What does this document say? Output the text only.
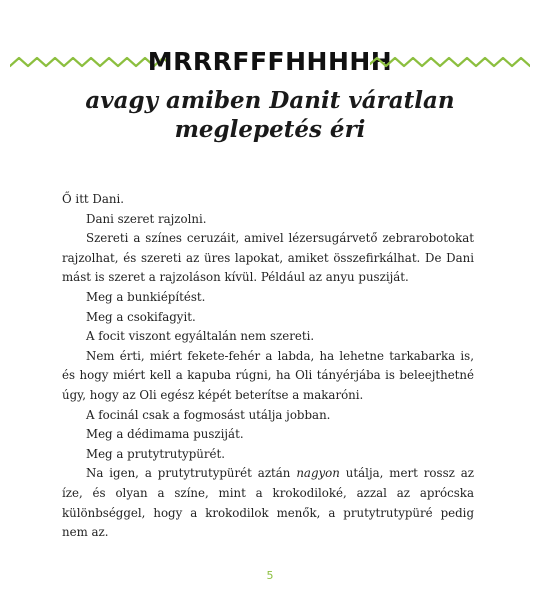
MRRRFFFHHHHH
avagy amiben Danit váratlan
meglepetés éri

Ő itt Dani.

Dani szeret rajzolni.

Szereti a színes ceruzáit, amivel lézersugárvető zebrarobotokat rajzolhat, és szereti az üres lapokat, amiket összefirkálhat. De Dani mást is szeret a rajzoláson kívül. Például az anyu pusziját.

Meg a bunkiépítést.

Meg a csokifagyit.

A focit viszont egyáltalán nem szereti.

Nem érti, miért fekete-fehér a labda, ha lehetne tarkabarka is, és hogy miért kell a kapuba rúgni, ha Oli tányérjába is beleejthetné úgy, hogy az Oli egész képét beterítse a makaróni.

A focinál csak a fogmosást utálja jobban.

Meg a dédimama pusziját.

Meg a prutytrutypürét.

Na igen, a prutytrutypürét aztán nagyon utálja, mert rossz az íze, és olyan a színe, mint a krokodiloké, azzal az aprócska különbséggel, hogy a krokodilok menők, a prutytrutypüré pedig nem az.

5
